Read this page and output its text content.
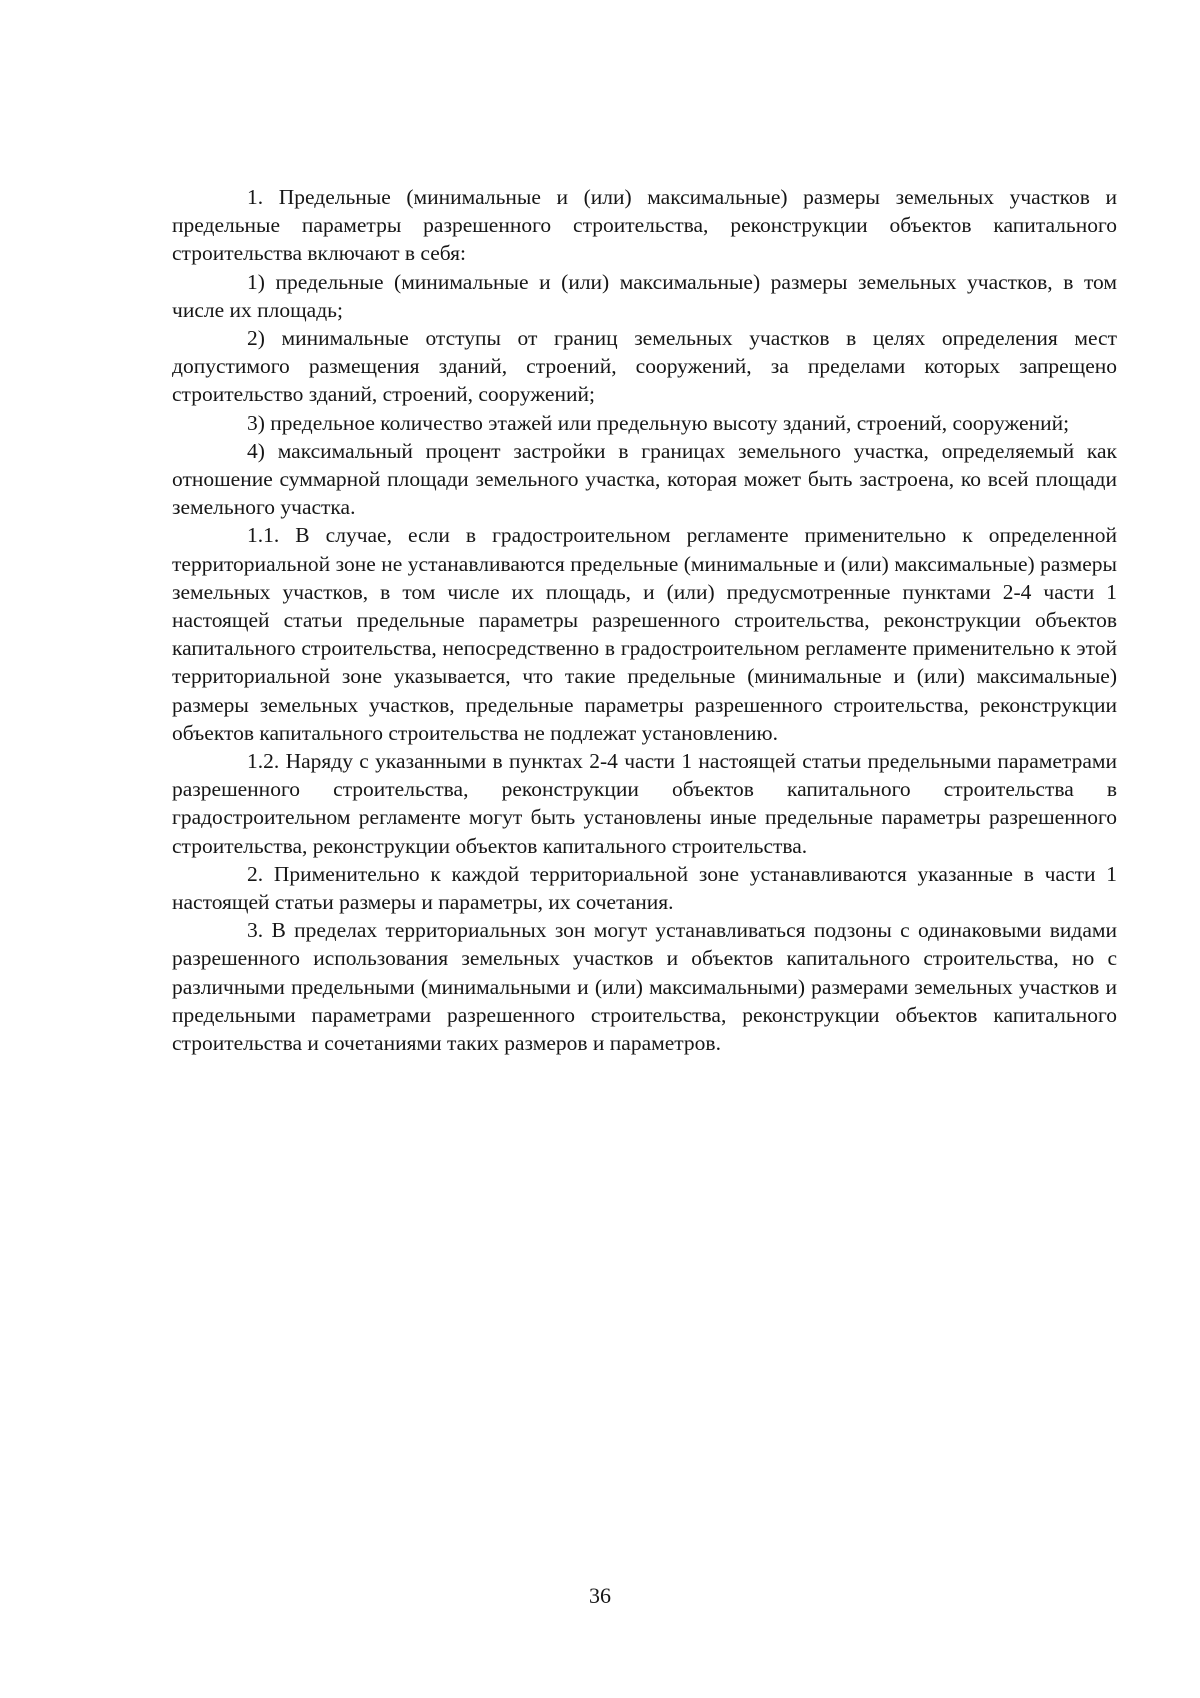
1. Предельные (минимальные и (или) максимальные) размеры земельных участков и предельные параметры разрешенного строительства, реконструкции объектов капитального строительства включают в себя:

1) предельные (минимальные и (или) максимальные) размеры земельных участков, в том числе их площадь;

2) минимальные отступы от границ земельных участков в целях определения мест допустимого размещения зданий, строений, сооружений, за пределами которых запрещено строительство зданий, строений, сооружений;

3) предельное количество этажей или предельную высоту зданий, строений, сооружений;

4) максимальный процент застройки в границах земельного участка, определяемый как отношение суммарной площади земельного участка, которая может быть застроена, ко всей площади земельного участка.

1.1. В случае, если в градостроительном регламенте применительно к определенной территориальной зоне не устанавливаются предельные (минимальные и (или) максимальные) размеры земельных участков, в том числе их площадь, и (или) предусмотренные пунктами 2-4 части 1 настоящей статьи предельные параметры разрешенного строительства, реконструкции объектов капитального строительства, непосредственно в градостроительном регламенте применительно к этой территориальной зоне указывается, что такие предельные (минимальные и (или) максимальные) размеры земельных участков, предельные параметры разрешенного строительства, реконструкции объектов капитального строительства не подлежат установлению.

1.2. Наряду с указанными в пунктах 2-4 части 1 настоящей статьи предельными параметрами разрешенного строительства, реконструкции объектов капитального строительства в градостроительном регламенте могут быть установлены иные предельные параметры разрешенного строительства, реконструкции объектов капитального строительства.

2. Применительно к каждой территориальной зоне устанавливаются указанные в части 1 настоящей статьи размеры и параметры, их сочетания.

3. В пределах территориальных зон могут устанавливаться подзоны с одинаковыми видами разрешенного использования земельных участков и объектов капитального строительства, но с различными предельными (минимальными и (или) максимальными) размерами земельных участков и предельными параметрами разрешенного строительства, реконструкции объектов капитального строительства и сочетаниями таких размеров и параметров.

36
